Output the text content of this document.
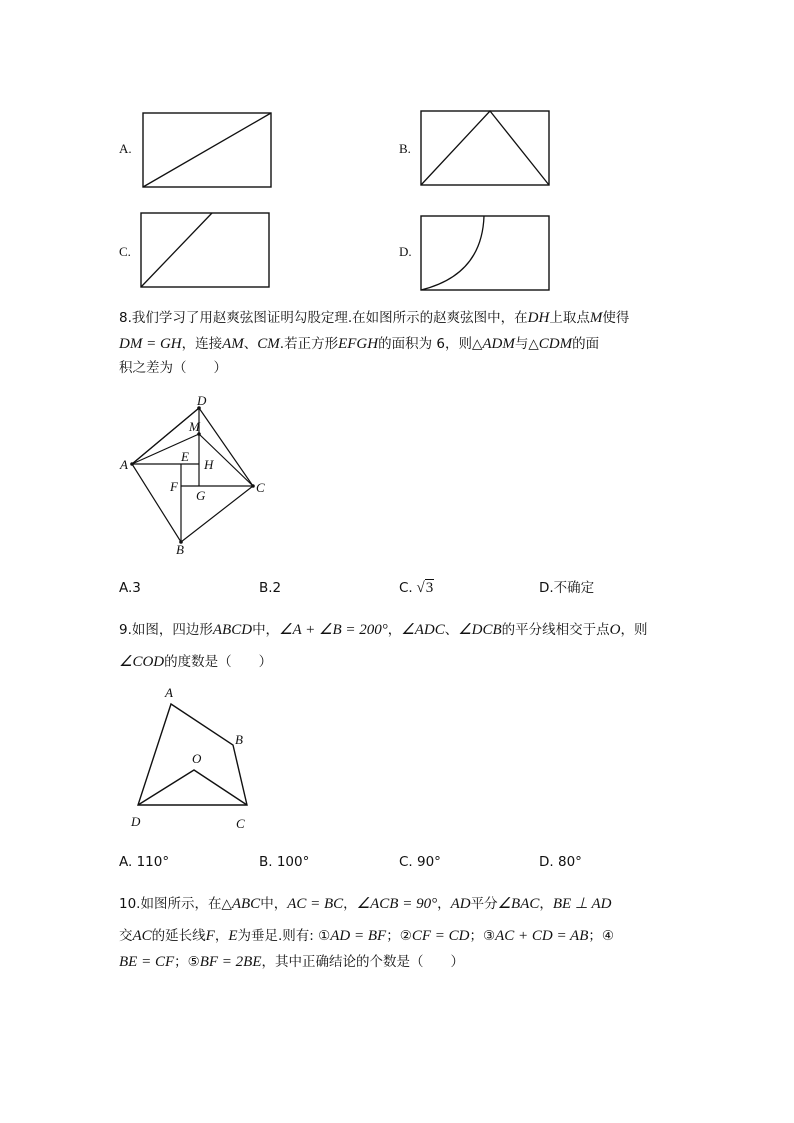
A.	B.
C.	D.
8.我们学习了用赵爽弦图证明勾股定理.在如图所示的赵爽弦图中，在DH上取点M使得
DM = GH，连接AM、CM.若正方形EFGH的面积为 6，则△ADM与△CDM的面
积之差为（　　）
D
M
A
E
H
F
G
C
B
A.3	B.2	C. √3	D.不确定
9.如图，四边形ABCD中，∠A + ∠B = 200°，∠ADC、∠DCB的平分线相交于点O，则
∠COD的度数是（　　）
A
B
O
D	C
A. 110°	B. 100°	C. 90°	D. 80°
10.如图所示，在△ABC中，AC = BC，∠ACB = 90°，AD平分∠BAC，BE ⊥ AD
交AC的延长线F，E为垂足.则有: ①AD = BF；②CF = CD；③AC + CD = AB；④
BE = CF；⑤BF = 2BE，其中正确结论的个数是（　　）
